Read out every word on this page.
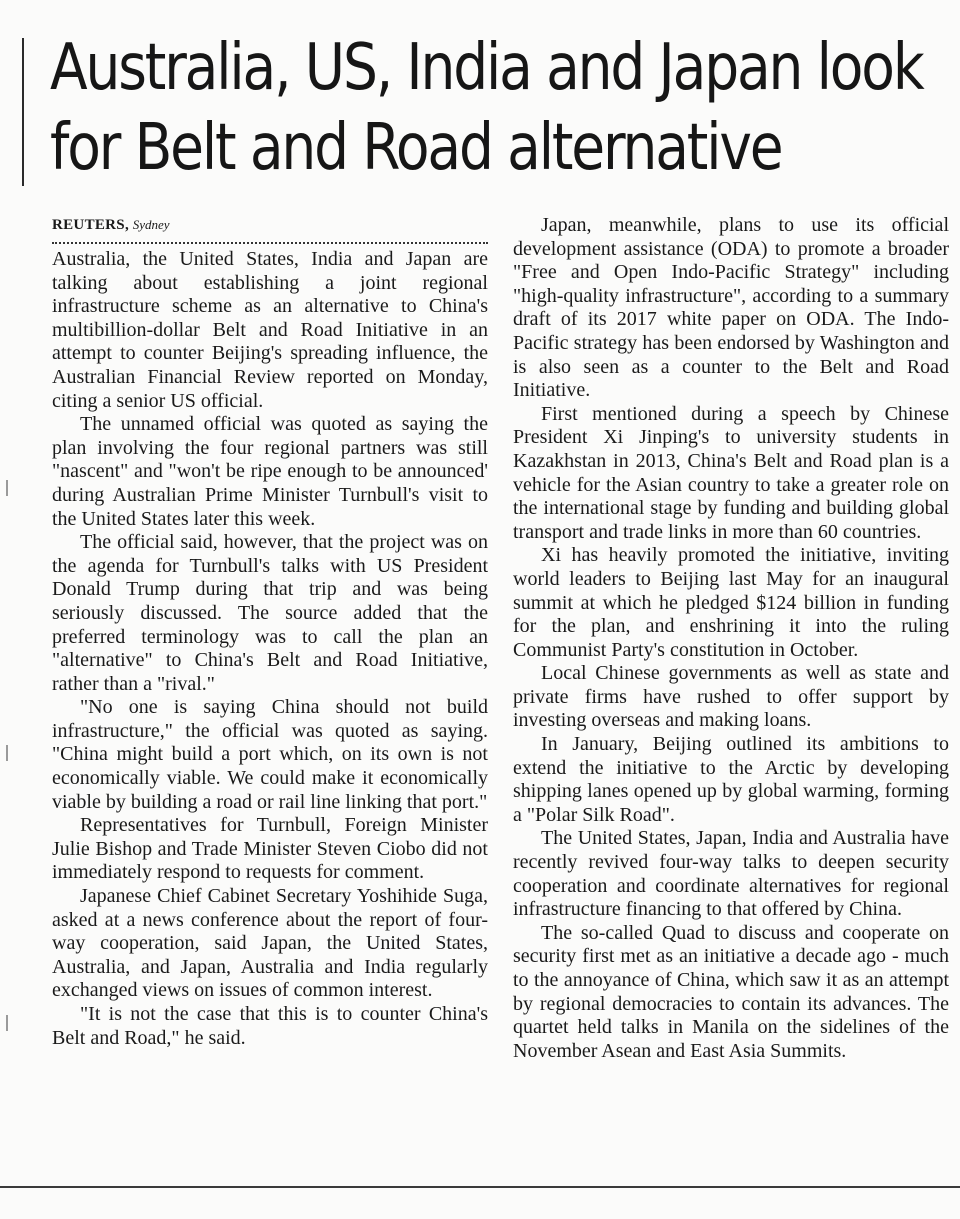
Australia, US, India and Japan look
for Belt and Road alternative
REUTERS, Sydney

Australia, the United States, India and Japan are talking about establishing a joint regional infrastructure scheme as an alternative to China's multibillion-dollar Belt and Road Initiative in an attempt to counter Beijing's spreading influence, the Australian Financial Review reported on Monday, citing a senior US official.

The unnamed official was quoted as saying the plan involving the four regional partners was still "nascent" and "won't be ripe enough to be announced' during Australian Prime Minister Turnbull's visit to the United States later this week.

The official said, however, that the project was on the agenda for Turnbull's talks with US President Donald Trump during that trip and was being seriously discussed. The source added that the preferred terminology was to call the plan an "alternative" to China's Belt and Road Initiative, rather than a "rival."

"No one is saying China should not build infrastructure," the official was quoted as saying. "China might build a port which, on its own is not economically viable. We could make it economically viable by building a road or rail line linking that port."

Representatives for Turnbull, Foreign Minister Julie Bishop and Trade Minister Steven Ciobo did not immediately respond to requests for comment.

Japanese Chief Cabinet Secretary Yoshihide Suga, asked at a news conference about the report of four-way cooperation, said Japan, the United States, Australia, and Japan, Australia and India regularly exchanged views on issues of common interest.

"It is not the case that this is to counter China's Belt and Road," he said.

Japan, meanwhile, plans to use its official development assistance (ODA) to promote a broader "Free and Open Indo-Pacific Strategy" including "high-quality infrastructure", according to a summary draft of its 2017 white paper on ODA. The Indo-Pacific strategy has been endorsed by Washington and is also seen as a counter to the Belt and Road Initiative.

First mentioned during a speech by Chinese President Xi Jinping's to university students in Kazakhstan in 2013, China's Belt and Road plan is a vehicle for the Asian country to take a greater role on the international stage by funding and building global transport and trade links in more than 60 countries.

Xi has heavily promoted the initiative, inviting world leaders to Beijing last May for an inaugural summit at which he pledged $124 billion in funding for the plan, and enshrining it into the ruling Communist Party's constitution in October.

Local Chinese governments as well as state and private firms have rushed to offer support by investing overseas and making loans.

In January, Beijing outlined its ambitions to extend the initiative to the Arctic by developing shipping lanes opened up by global warming, forming a "Polar Silk Road".

The United States, Japan, India and Australia have recently revived four-way talks to deepen security cooperation and coordinate alternatives for regional infrastructure financing to that offered by China.

The so-called Quad to discuss and cooperate on security first met as an initiative a decade ago - much to the annoyance of China, which saw it as an attempt by regional democracies to contain its advances. The quartet held talks in Manila on the sidelines of the November Asean and East Asia Summits.
